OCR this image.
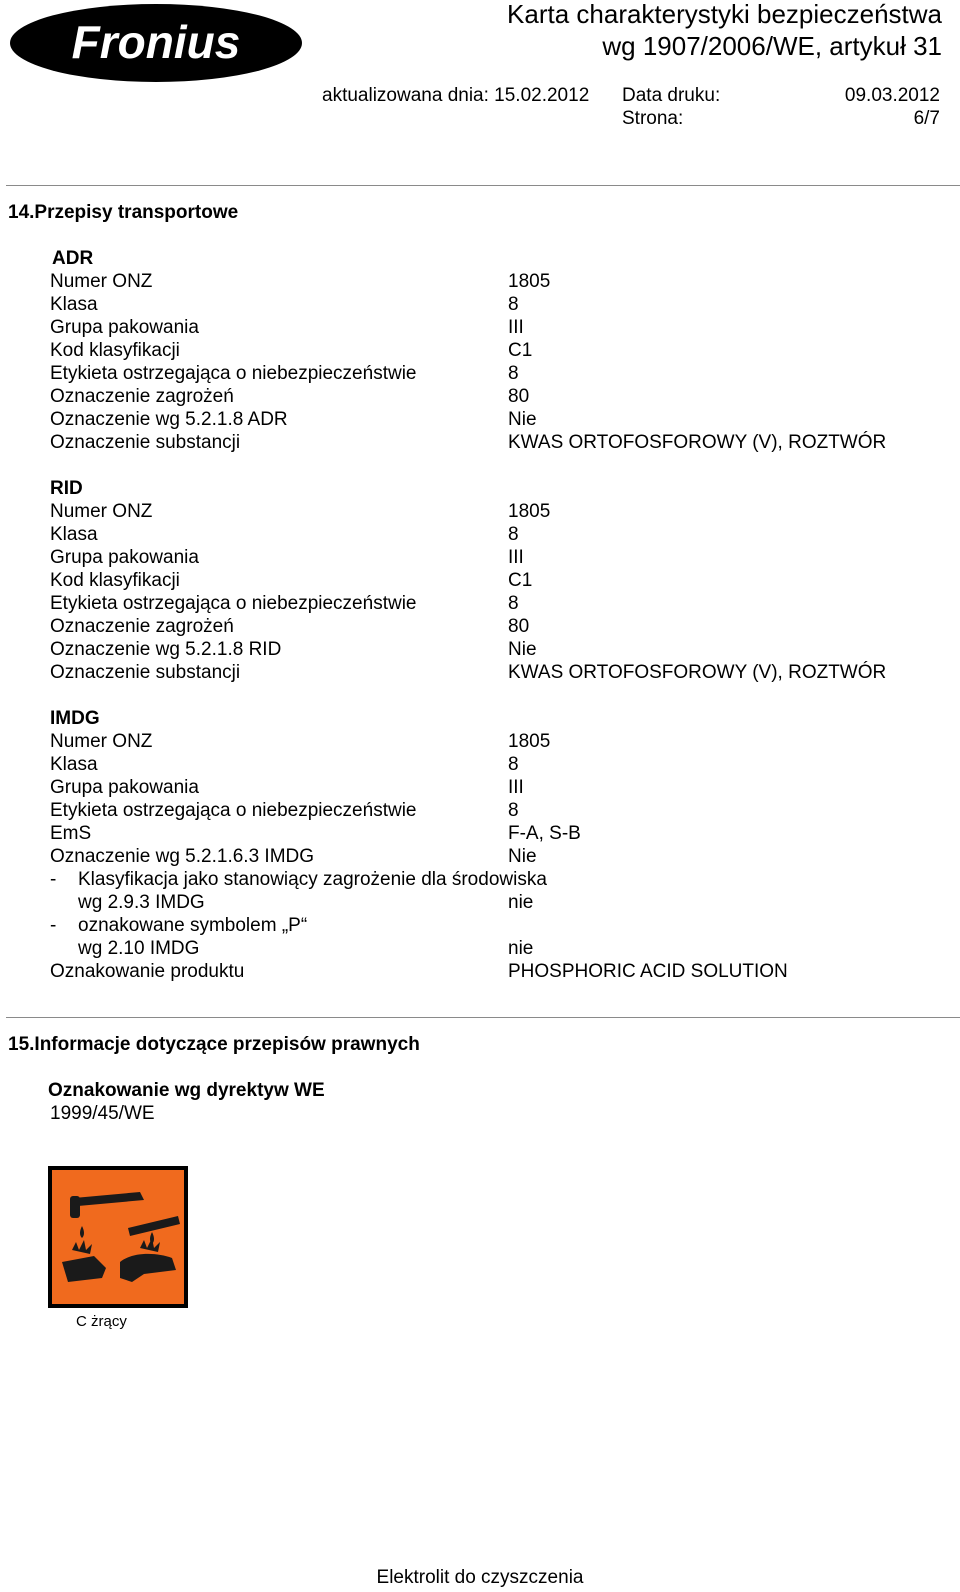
Fronius
Karta charakterystyki bezpieczeństwa
wg 1907/2006/WE, artykuł 31
aktualizowana dnia: 15.02.2012 Data druku:	09.03.2012
Strona:	6/7
14.Przepisy transportowe
ADR
Numer ONZ	1805
Klasa	8
Grupa pakowania	III
Kod klasyfikacji	C1
Etykieta ostrzegająca o niebezpieczeństwie	8
Oznaczenie zagrożeń	80
Oznaczenie wg 5.2.1.8 ADR	Nie
Oznaczenie substancji	KWAS ORTOFOSFOROWY (V), ROZTWÓR
RID
Numer ONZ	1805
Klasa	8
Grupa pakowania	III
Kod klasyfikacji	C1
Etykieta ostrzegająca o niebezpieczeństwie	8
Oznaczenie zagrożeń	80
Oznaczenie wg 5.2.1.8 RID	Nie
Oznaczenie substancji	KWAS ORTOFOSFOROWY (V), ROZTWÓR
IMDG
Numer ONZ	1805
Klasa	8
Grupa pakowania	III
Etykieta ostrzegająca o niebezpieczeństwie	8
EmS	F-A, S-B
Oznaczenie wg 5.2.1.6.3 IMDG	Nie
- Klasyfikacja jako stanowiący zagrożenie dla środowiska
wg 2.9.3 IMDG	nie
- oznakowane symbolem „P“
wg 2.10 IMDG	nie
Oznakowanie produktu	PHOSPHORIC ACID SOLUTION
15.Informacje dotyczące przepisów prawnych
Oznakowanie wg dyrektyw WE
1999/45/WE
C żrący
Elektrolit do czyszczenia
